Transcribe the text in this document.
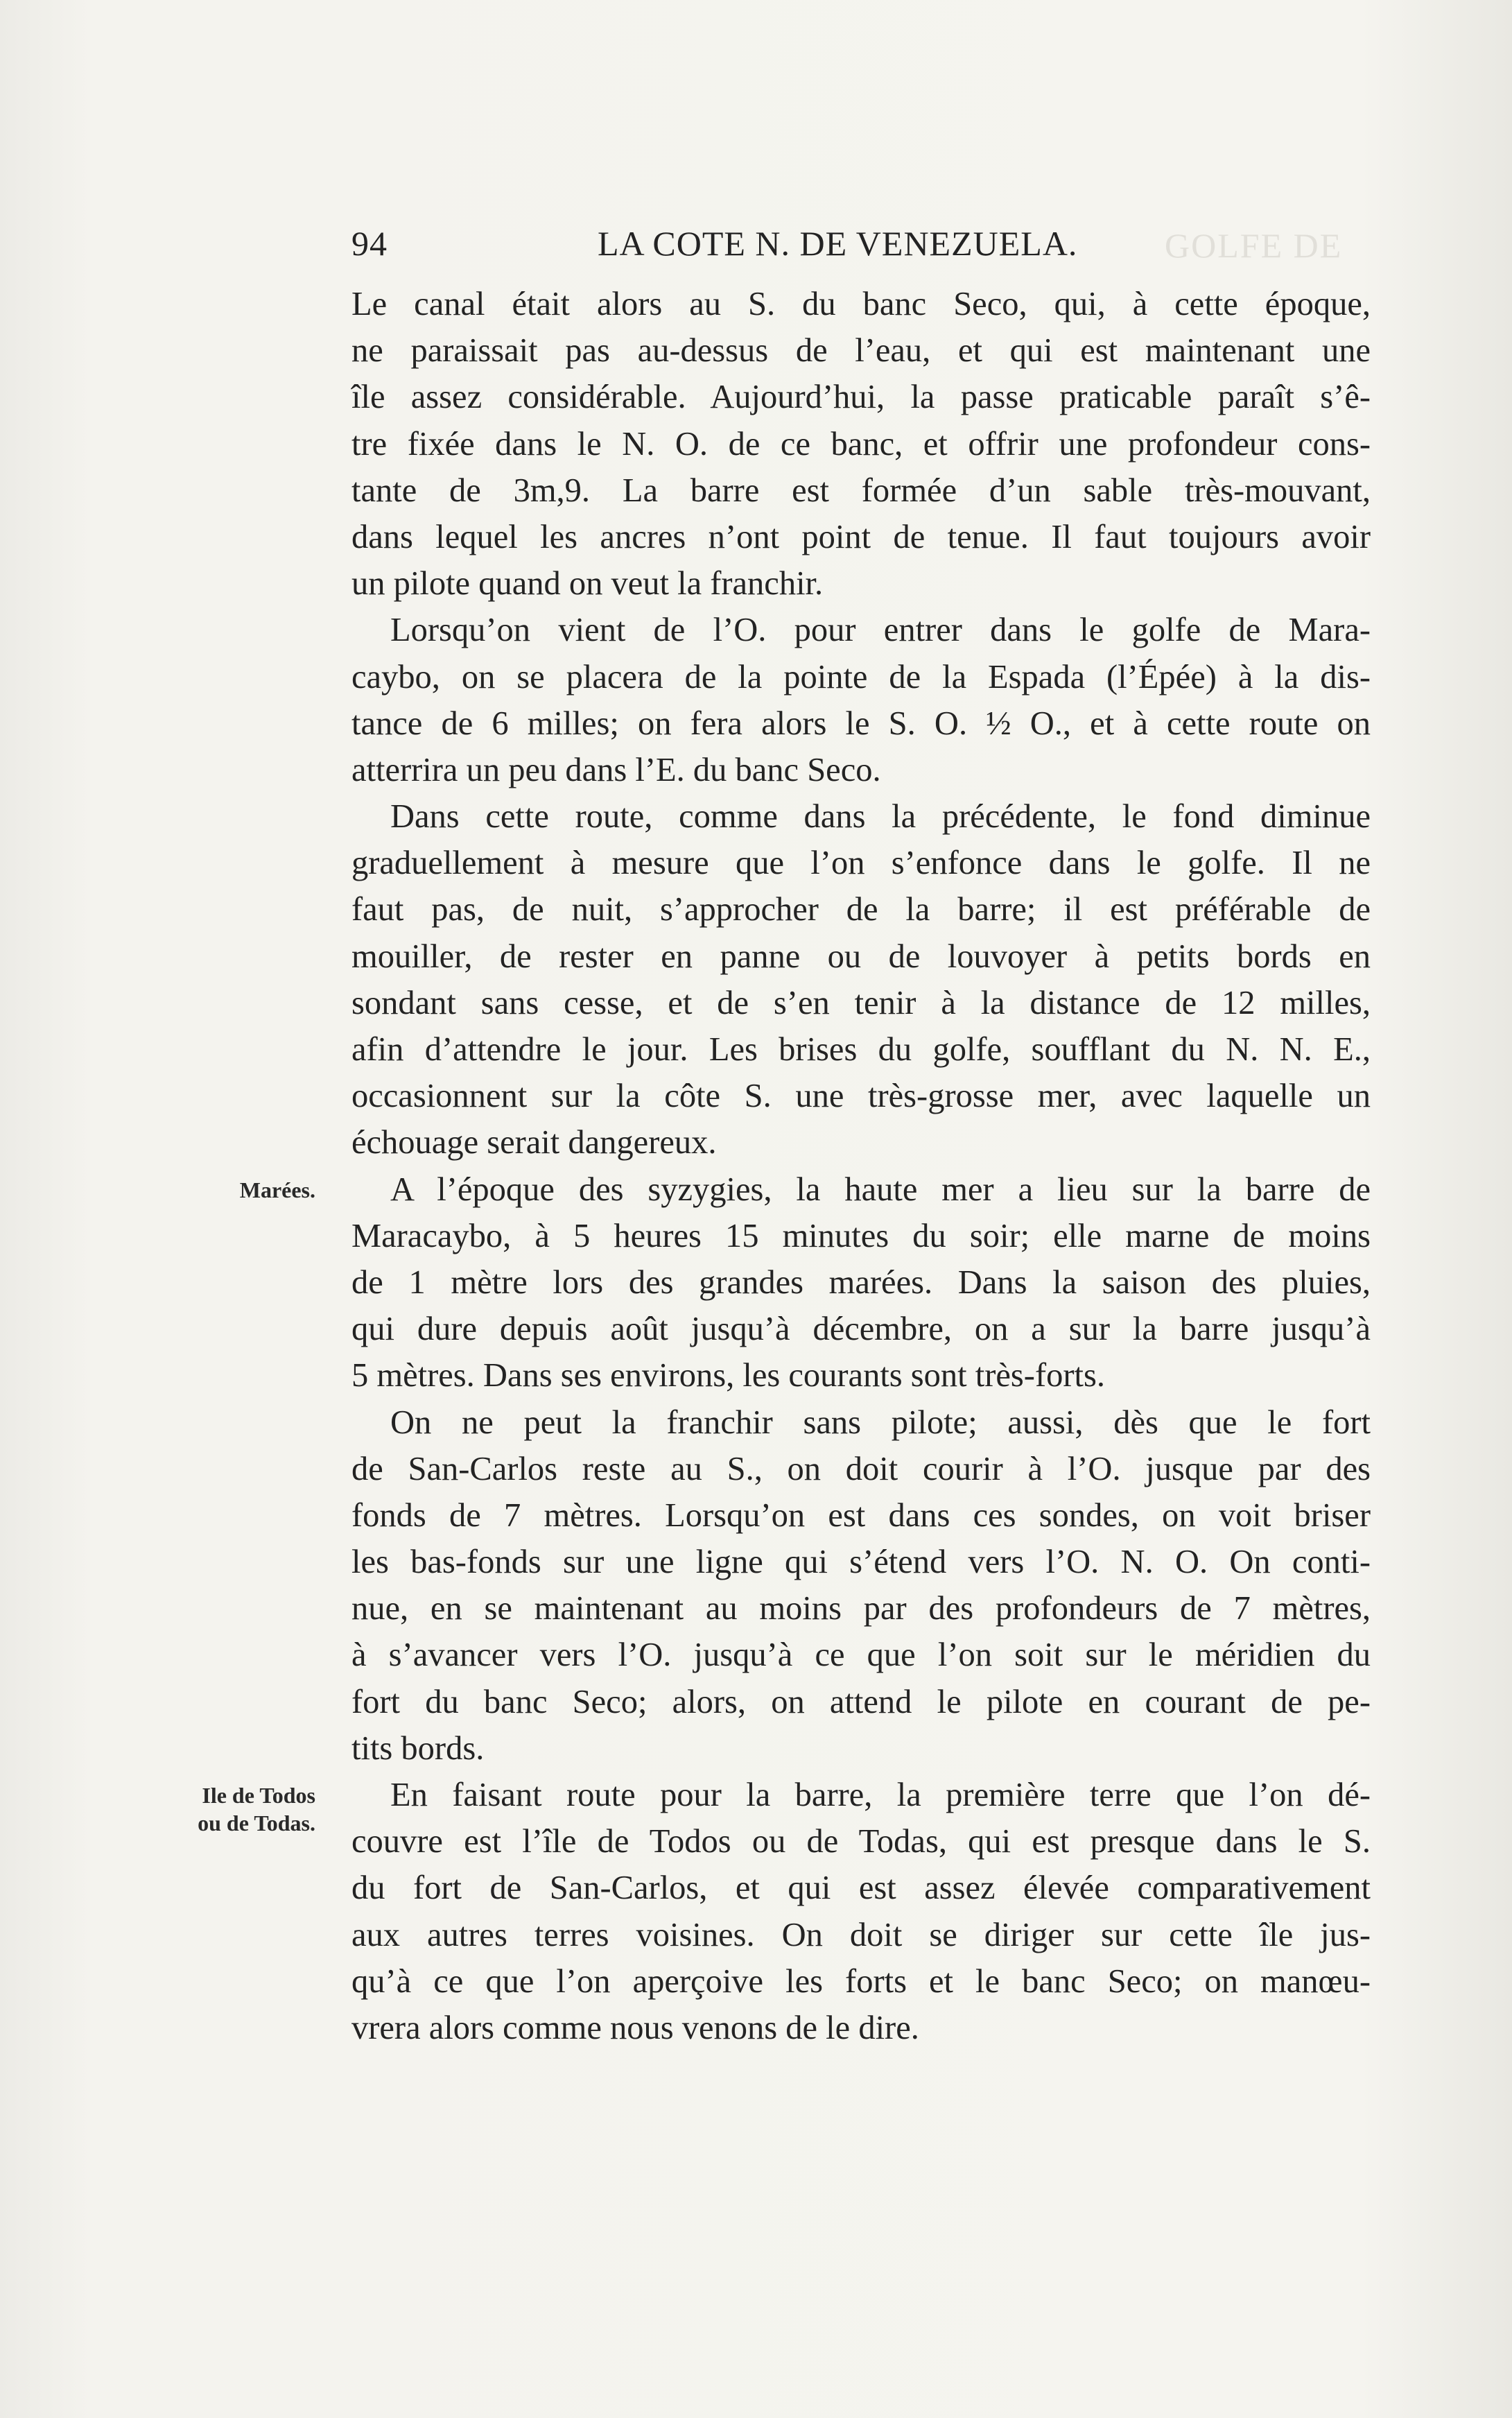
GOLFE DE
94	LA COTE N. DE VENEZUELA.
Le canal était alors au S. du banc Seco, qui, à cette époque,
ne paraissait pas au-dessus de l’eau, et qui est maintenant une
île assez considérable. Aujourd’hui, la passe praticable paraît s’ê-
tre fixée dans le N. O. de ce banc, et offrir une profondeur cons-
tante de 3m,9. La barre est formée d’un sable très-mouvant,
dans lequel les ancres n’ont point de tenue. Il faut toujours avoir
un pilote quand on veut la franchir.
Lorsqu’on vient de l’O. pour entrer dans le golfe de Mara-
caybo, on se placera de la pointe de la Espada (l’Épée) à la dis-
tance de 6 milles; on fera alors le S. O. ½ O., et à cette route on
atterrira un peu dans l’E. du banc Seco.
Dans cette route, comme dans la précédente, le fond diminue
graduellement à mesure que l’on s’enfonce dans le golfe. Il ne
faut pas, de nuit, s’approcher de la barre; il est préférable de
mouiller, de rester en panne ou de louvoyer à petits bords en
sondant sans cesse, et de s’en tenir à la distance de 12 milles,
afin d’attendre le jour. Les brises du golfe, soufflant du N. N. E.,
occasionnent sur la côte S. une très-grosse mer, avec laquelle un
échouage serait dangereux.
A l’époque des syzygies, la haute mer a lieu sur la barre de
Maracaybo, à 5 heures 15 minutes du soir; elle marne de moins
de 1 mètre lors des grandes marées. Dans la saison des pluies,
qui dure depuis août jusqu’à décembre, on a sur la barre jusqu’à
5 mètres. Dans ses environs, les courants sont très-forts.
On ne peut la franchir sans pilote; aussi, dès que le fort
de San-Carlos reste au S., on doit courir à l’O. jusque par des
fonds de 7 mètres. Lorsqu’on est dans ces sondes, on voit briser
les bas-fonds sur une ligne qui s’étend vers l’O. N. O. On conti-
nue, en se maintenant au moins par des profondeurs de 7 mètres,
à s’avancer vers l’O. jusqu’à ce que l’on soit sur le méridien du
fort du banc Seco; alors, on attend le pilote en courant de pe-
tits bords.
En faisant route pour la barre, la première terre que l’on dé-
couvre est l’île de Todos ou de Todas, qui est presque dans le S.
du fort de San-Carlos, et qui est assez élevée comparativement
aux autres terres voisines. On doit se diriger sur cette île jus-
qu’à ce que l’on aperçoive les forts et le banc Seco; on manœu-
vrera alors comme nous venons de le dire.
Marées.
Ile de Todos
ou de Todas.
